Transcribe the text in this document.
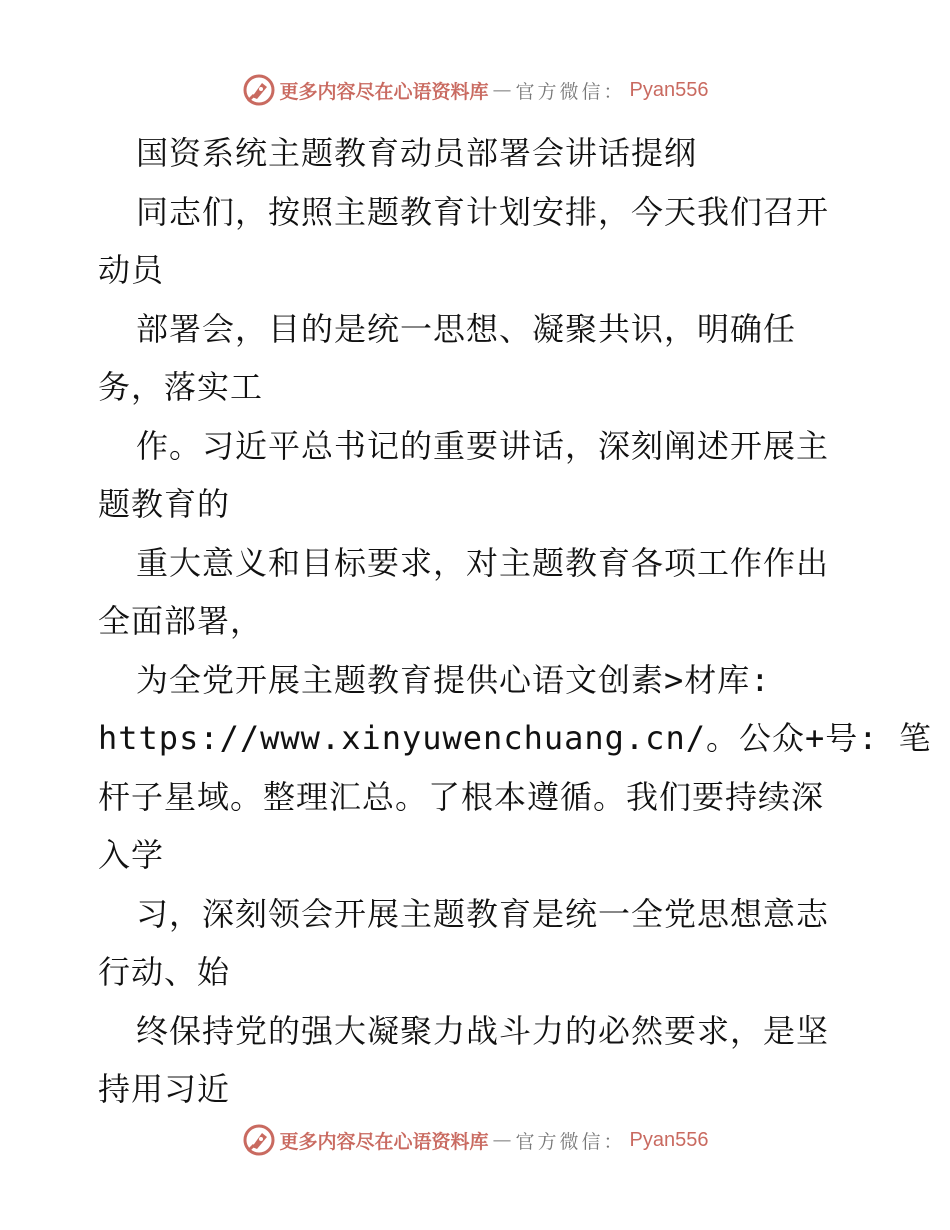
更多内容尽在心语资料库 — 官方微信： Pyan556
国资系统主题教育动员部署会讲话提纲
同志们，按照主题教育计划安排，今天我们召开
动员
部署会，目的是统一思想、凝聚共识，明确任
务，落实工
作。习近平总书记的重要讲话，深刻阐述开展主
题教育的
重大意义和目标要求，对主题教育各项工作作出
全面部署，
为全党开展主题教育提供心语文创素>材库:
https://www.xinyuwenchuang.cn/。公众+号: 笔
杆子星域。整理汇总。了根本遵循。我们要持续深
入学
习，深刻领会开展主题教育是统一全党思想意志
行动、始
终保持党的强大凝聚力战斗力的必然要求，是坚
持用习近
更多内容尽在心语资料库 — 官方微信： Pyan556
